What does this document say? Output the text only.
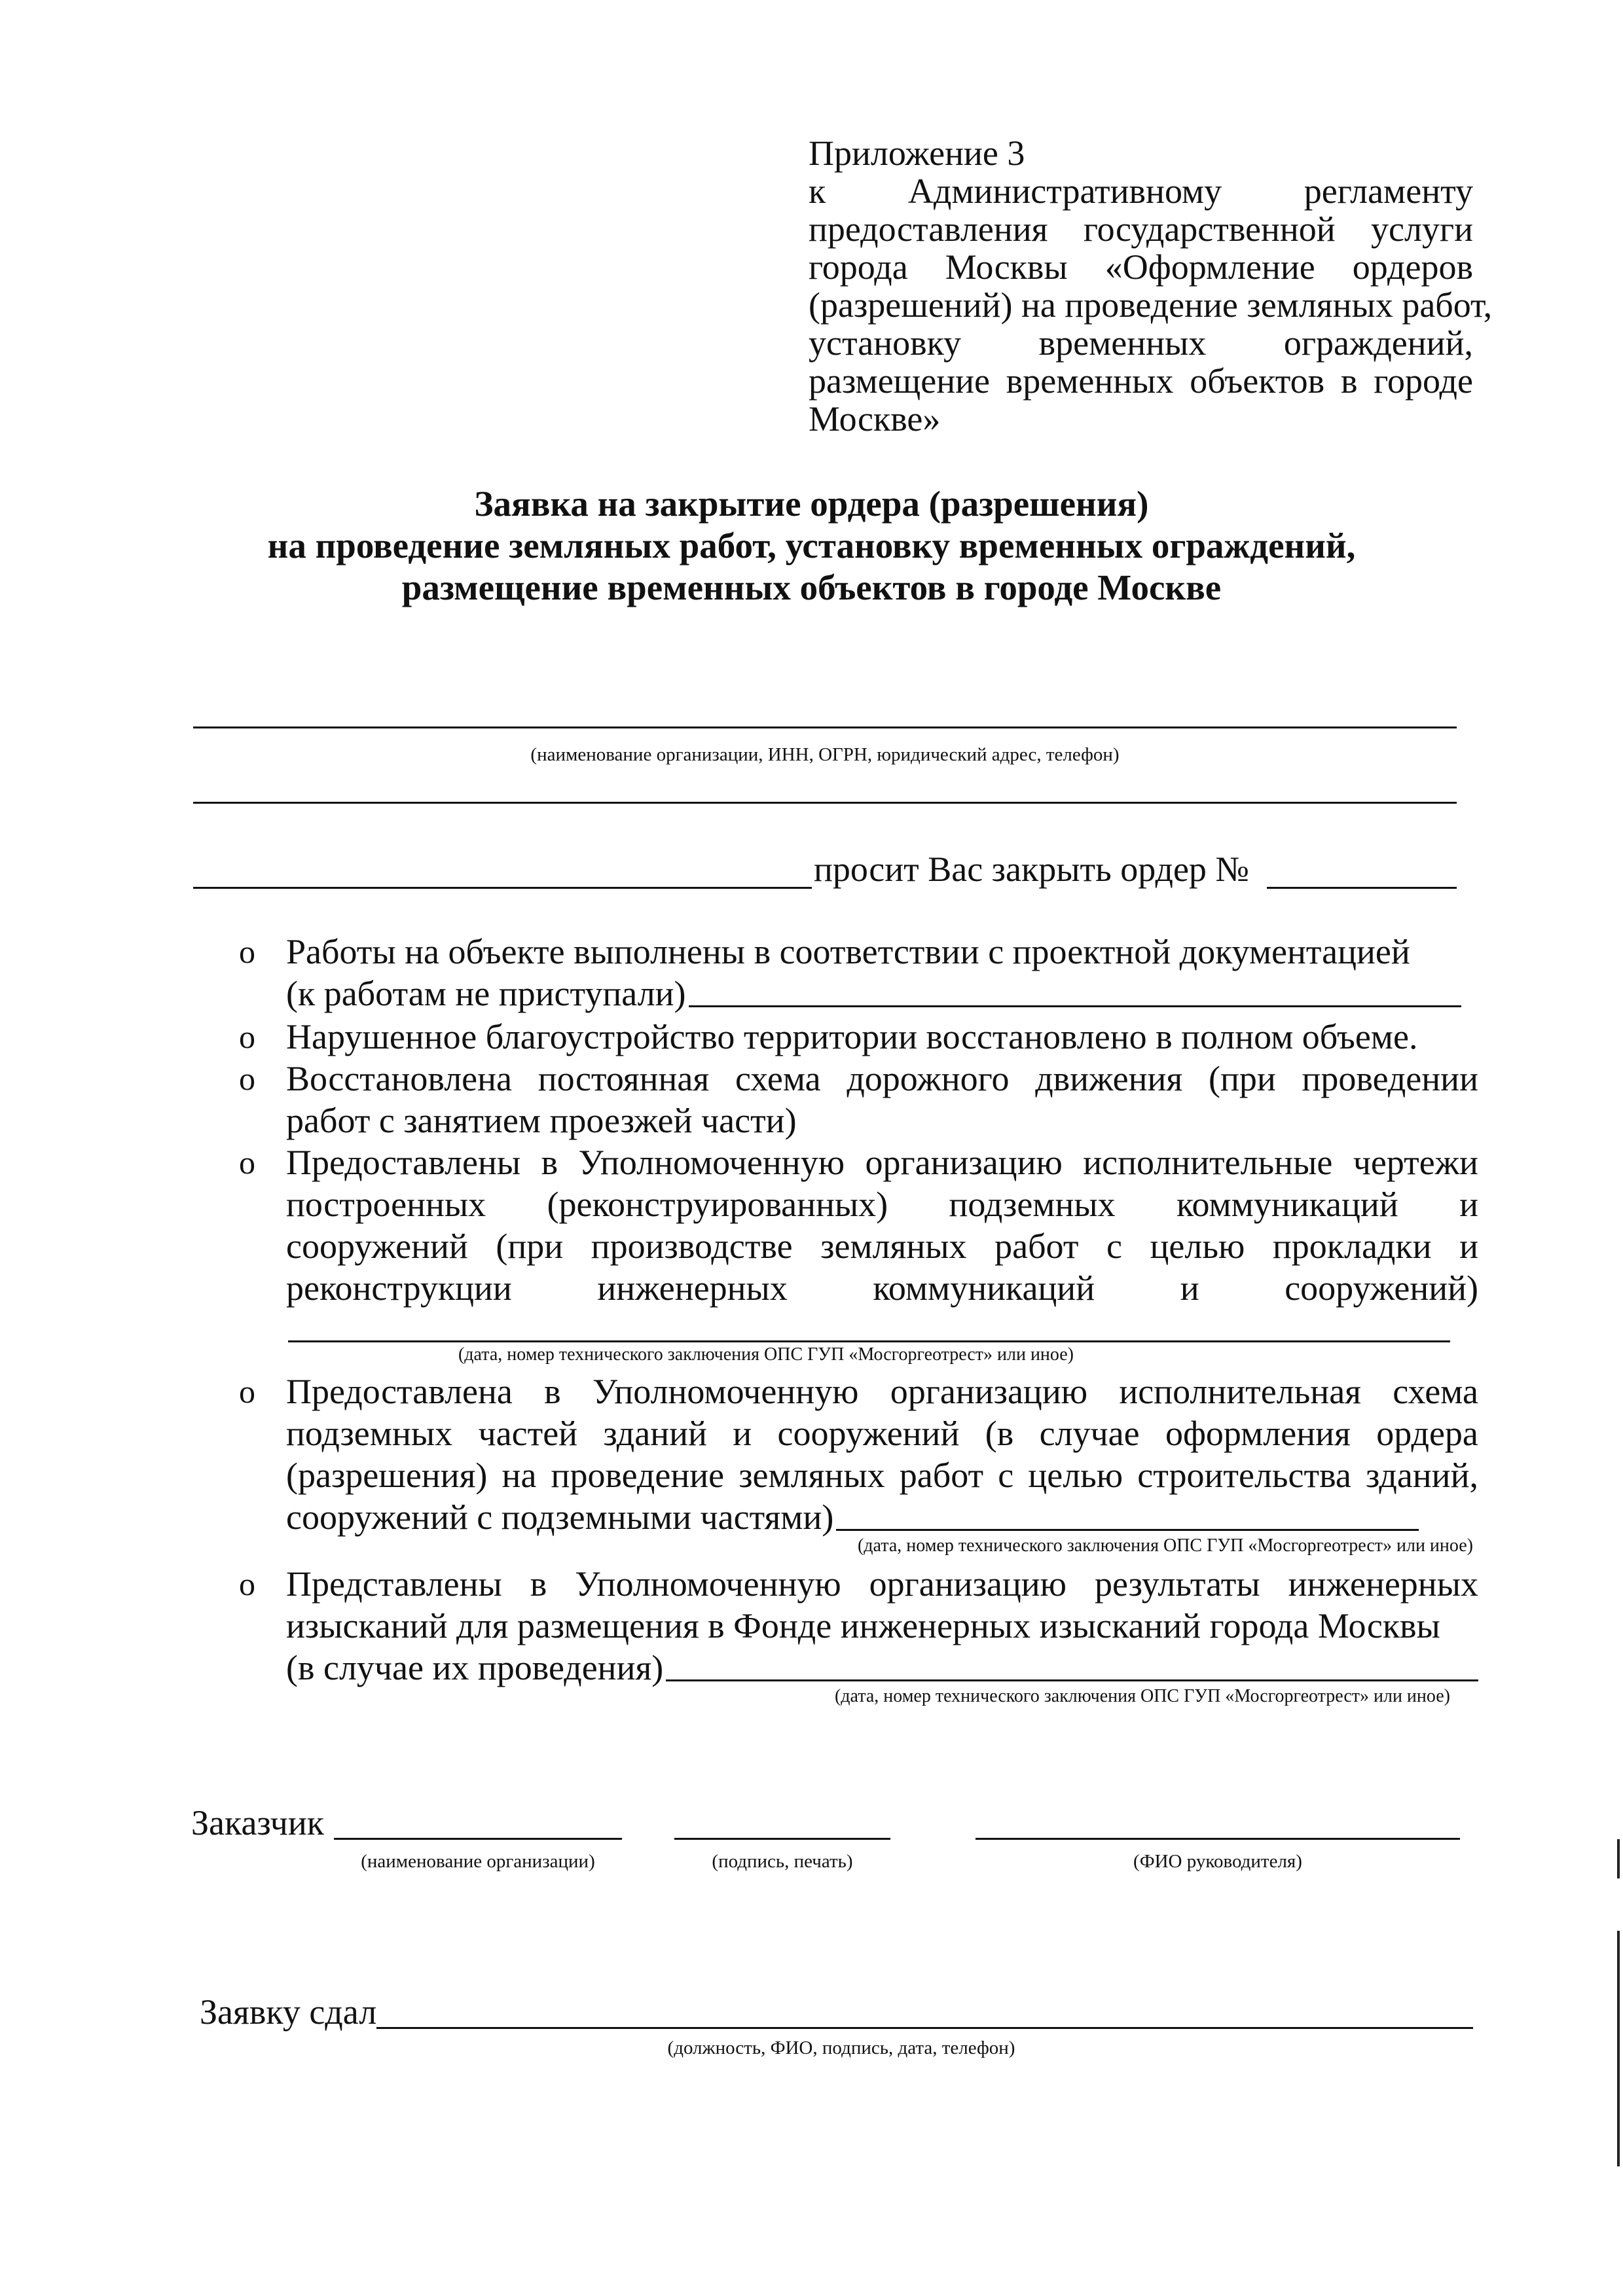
Приложение 3
к Административному регламенту
предоставления государственной услуги
города Москвы «Оформление ордеров
(разрешений) на проведение земляных работ,
установку временных ограждений,
размещение временных объектов в городе
Москве»
Заявка на закрытие ордера (разрешения)
на проведение земляных работ, установку временных ограждений,
размещение временных объектов в городе Москве
(наименование организации, ИНН, ОГРН, юридический адрес, телефон)
просит Вас закрыть ордер №
o Работы на объекте выполнены в соответствии с проектной документацией
(к работам не приступали)
o Нарушенное благоустройство территории восстановлено в полном объеме.
o Восстановлена постоянная схема дорожного движения (при проведении
работ с занятием проезжей части)
o Предоставлены в Уполномоченную организацию исполнительные чертежи
построенных (реконструированных) подземных коммуникаций и
сооружений (при производстве земляных работ с целью прокладки и
реконструкции инженерных коммуникаций и сооружений)
(дата, номер технического заключения ОПС ГУП «Мосгоргеотрест» или иное)
o Предоставлена в Уполномоченную организацию исполнительная схема
подземных частей зданий и сооружений (в случае оформления ордера
(разрешения) на проведение земляных работ с целью строительства зданий,
сооружений с подземными частями)
(дата, номер технического заключения ОПС ГУП «Мосгоргеотрест» или иное)
o Представлены в Уполномоченную организацию результаты инженерных
изысканий для размещения в Фонде инженерных изысканий города Москвы
(в случае их проведения)
(дата, номер технического заключения ОПС ГУП «Мосгоргеотрест» или иное)
Заказчик
(наименование организации)	(подпись, печать)	(ФИО руководителя)
Заявку сдал
(должность, ФИО, подпись, дата, телефон)
